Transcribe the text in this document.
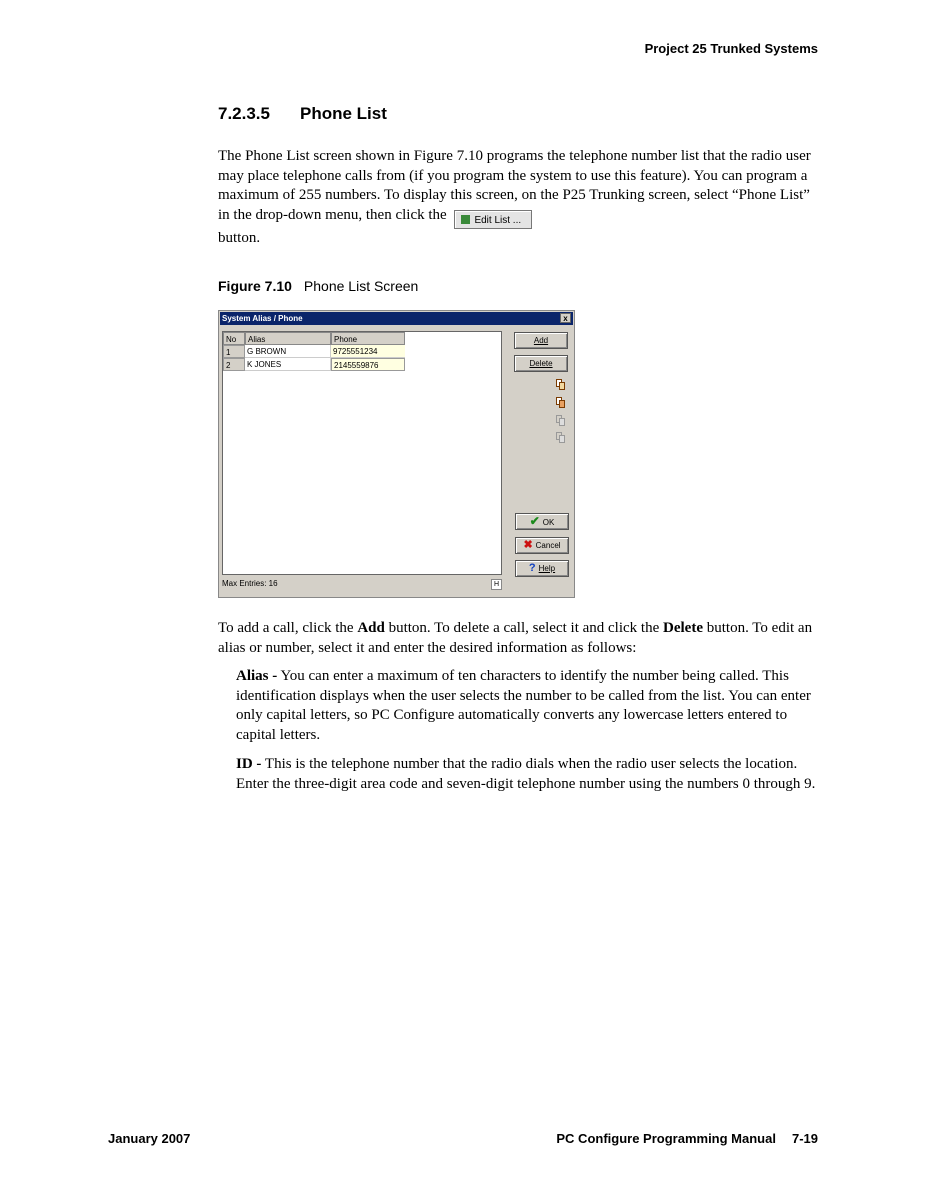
Project 25 Trunked Systems
7.2.3.5 Phone List
The Phone List screen shown in Figure 7.10 programs the telephone number list that the radio user may place telephone calls from (if you program the system to use this feature). You can program a maximum of 255 numbers. To display this screen, on the P25 Trunking screen, select “Phone List” in the drop-down menu, then click the	Edit List ...
button.
Figure 7.10 Phone List Screen
System Alias / Phone	x
No	Alias	Phone
1	G BROWN	9725551234
2	K JONES	2145559876
Add
Delete
✔ OK
✖ Cancel
? Help
Max Entries: 16	H
To add a call, click the Add button. To delete a call, select it and click the Delete button. To edit an alias or number, select it and enter the desired information as follows:
Alias - You can enter a maximum of ten characters to identify the number being called. This identification displays when the user selects the number to be called from the list. You can enter only capital letters, so PC Configure automatically converts any lowercase letters entered to capital letters.
ID - This is the telephone number that the radio dials when the radio user selects the location. Enter the three-digit area code and seven-digit telephone number using the numbers 0 through 9.
January 2007	PC Configure Programming Manual 7-19
